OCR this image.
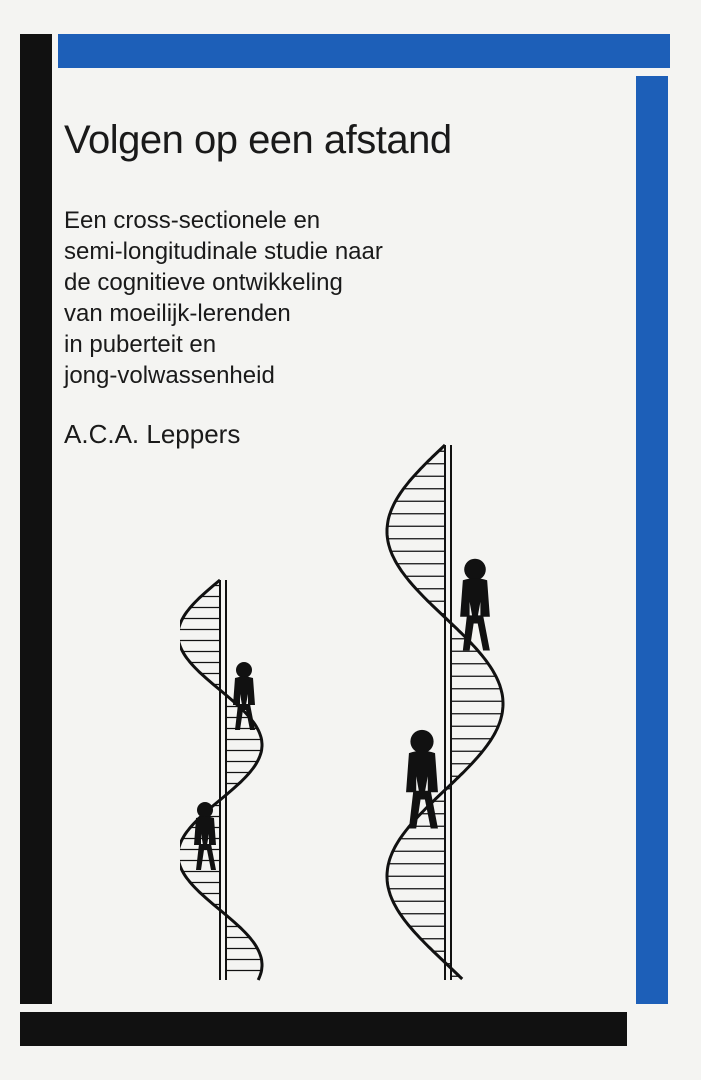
Volgen op een afstand
Een cross-sectionele en
semi-longitudinale studie naar
de cognitieve ontwikkeling
van moeilijk-lerenden
in puberteit en
jong-volwassenheid
A.C.A. Leppers
